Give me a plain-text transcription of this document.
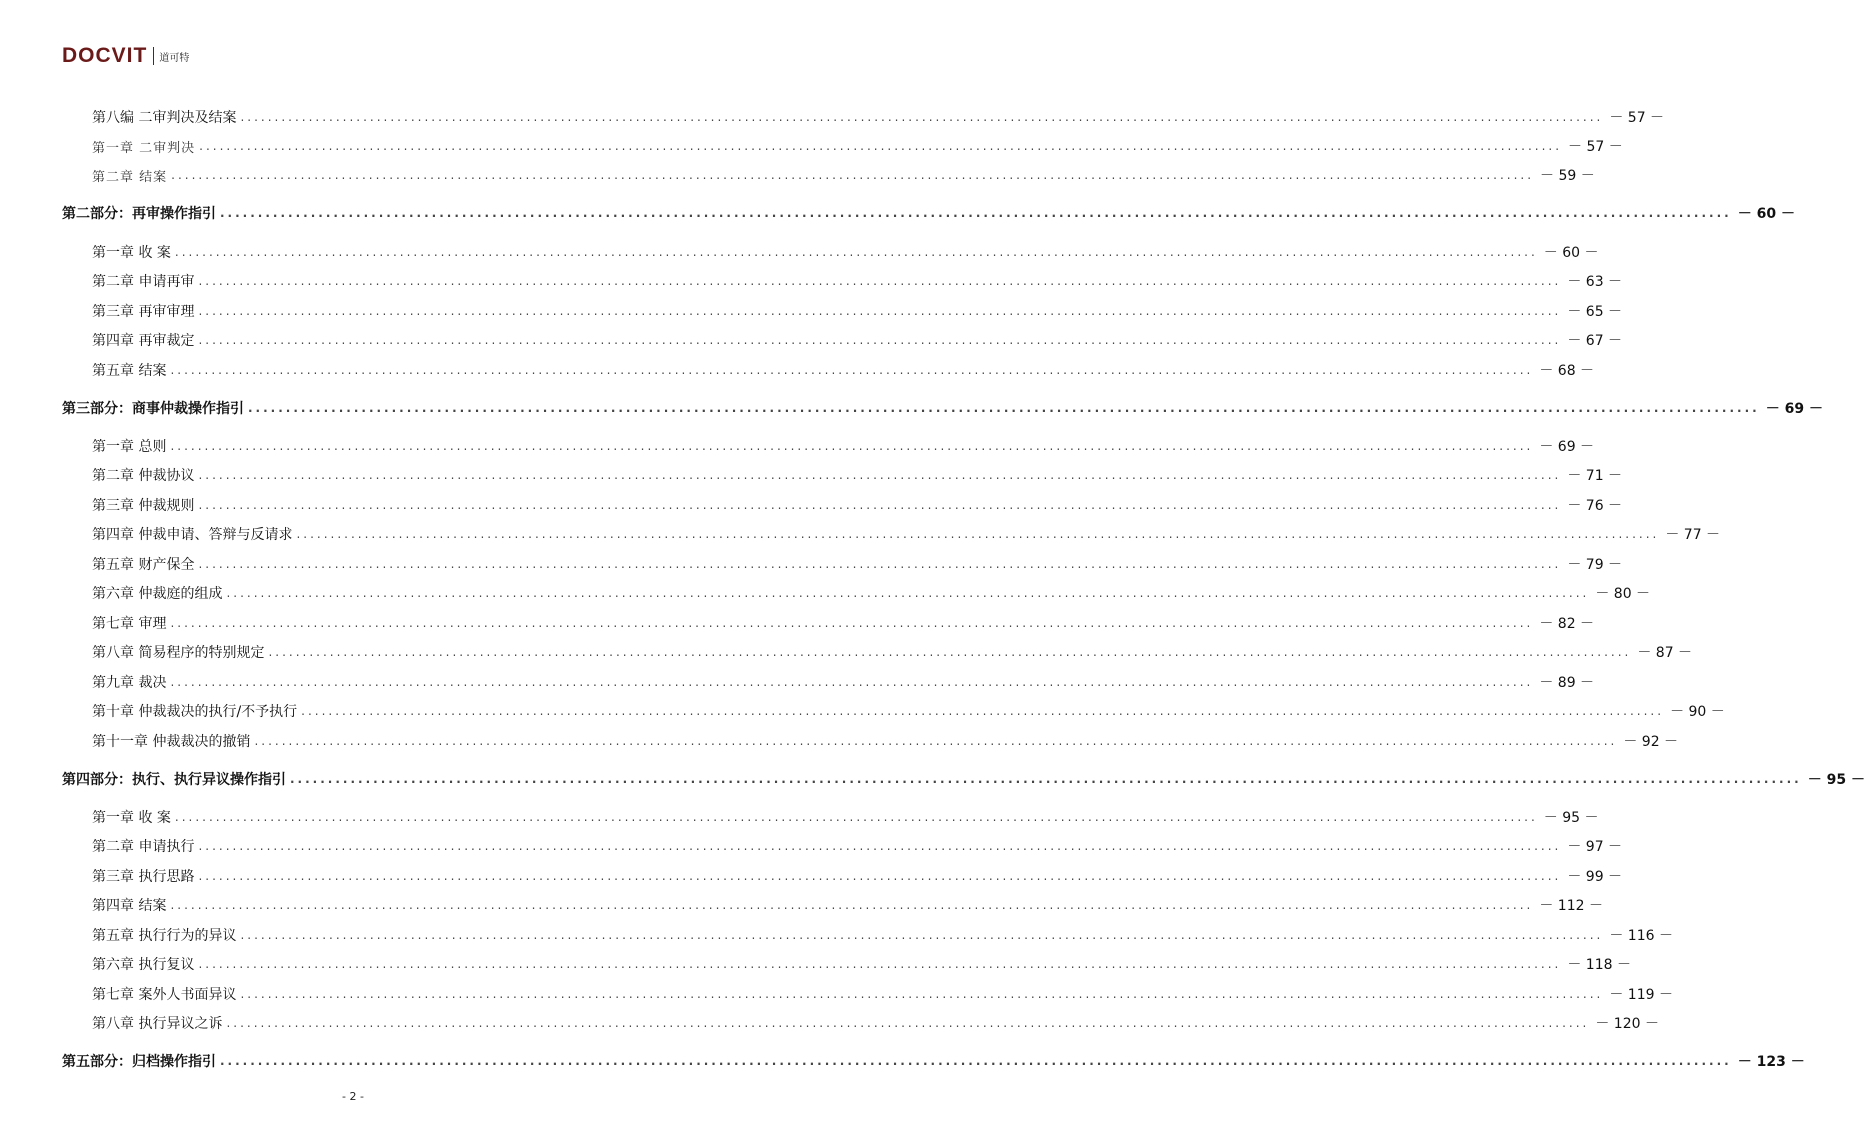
DOCVIT 道可特
第八编 二审判决及结案 ........................................................................................................................................................................................................ － 57 －
第一章 二审判决 ........................................................................................................................................................................................................ － 57 －
第二章 结案 ........................................................................................................................................................................................................ － 59 －
第二部分：再审操作指引 ........................................................................................................................................................................................................ － 60 －
第一章 收 案 ........................................................................................................................................................................................................ － 60 －
第二章 申请再审 ........................................................................................................................................................................................................ － 63 －
第三章 再审审理 ........................................................................................................................................................................................................ － 65 －
第四章 再审裁定 ........................................................................................................................................................................................................ － 67 －
第五章 结案 ........................................................................................................................................................................................................ － 68 －
第三部分：商事仲裁操作指引 ........................................................................................................................................................................................................ － 69 －
第一章 总则 ........................................................................................................................................................................................................ － 69 －
第二章 仲裁协议 ........................................................................................................................................................................................................ － 71 －
第三章 仲裁规则 ........................................................................................................................................................................................................ － 76 －
第四章 仲裁申请、答辩与反请求 ........................................................................................................................................................................................................ － 77 －
第五章 财产保全 ........................................................................................................................................................................................................ － 79 －
第六章 仲裁庭的组成 ........................................................................................................................................................................................................ － 80 －
第七章 审理 ........................................................................................................................................................................................................ － 82 －
第八章 简易程序的特别规定 ........................................................................................................................................................................................................ － 87 －
第九章 裁决 ........................................................................................................................................................................................................ － 89 －
第十章 仲裁裁决的执行/不予执行 ........................................................................................................................................................................................................ － 90 －
第十一章 仲裁裁决的撤销 ........................................................................................................................................................................................................ － 92 －
第四部分：执行、执行异议操作指引 ........................................................................................................................................................................................................ － 95 －
第一章 收 案 ........................................................................................................................................................................................................ － 95 －
第二章 申请执行 ........................................................................................................................................................................................................ － 97 －
第三章 执行思路 ........................................................................................................................................................................................................ － 99 －
第四章 结案 ........................................................................................................................................................................................................ － 112 －
第五章 执行行为的异议 ........................................................................................................................................................................................................ － 116 －
第六章 执行复议 ........................................................................................................................................................................................................ － 118 －
第七章 案外人书面异议 ........................................................................................................................................................................................................ － 119 －
第八章 执行异议之诉 ........................................................................................................................................................................................................ － 120 －
第五部分：归档操作指引 ........................................................................................................................................................................................................ － 123 －
- 2 -
